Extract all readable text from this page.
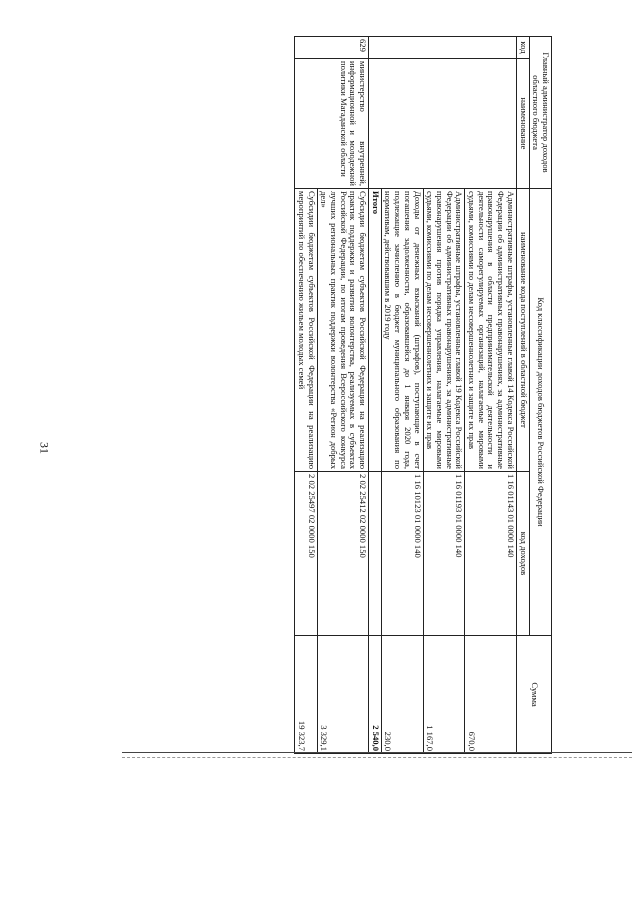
31
Главный администратор доходов областного бюджета		Код классификации доходов бюджетов Российской Федерации		Сумма
код	наименование	наименование кода поступлений в областной бюджет	код доходов	
		Административные штрафы, установленные главой 14 Кодекса Российской Федерации об административных правонарушениях, за административные правонарушения в области предпринимательской деятельности и деятельности саморегулируемых организаций, налагаемые мировыми судьями, комиссиями по делам несовершеннолетних и защите их прав	1 16 01143 01 0000 140	670,0
		Административные штрафы, установленные главой 19 Кодекса Российской Федерации об административных правонарушениях, за административные правонарушения против порядка управления, налагаемые мировыми судьями, комиссиями по делам несовершеннолетних и защите их прав	1 16 01193 01 0000 140	1 167,0
		Доходы от денежных взысканий (штрафов), поступающие в счет погашения задолженности, образовавшейся до 1 января 2020 года, подлежащие зачислению в бюджет муниципального образования по нормативам, действовавшим в 2019 году	1 16 10123 01 0000 140	230,0
		Итого		2 540,0
629	министерство внутренней, информационной и молодежной политики Магаданской области	Субсидии бюджетам субъектов Российской Федерации на реализацию практик поддержки и развития волонтерства, реализуемых в субъектах Российской Федерации, по итогам проведения Всероссийского конкурса лучших региональных практик поддержки волонтерства «Регион добрых дел»	2 02 25412 02 0000 150	3 329,1
		Субсидии бюджетам субъектов Российской Федерации на реализацию мероприятий по обеспечению жильем молодых семей	2 02 25497 02 0000 150	19 323,7
